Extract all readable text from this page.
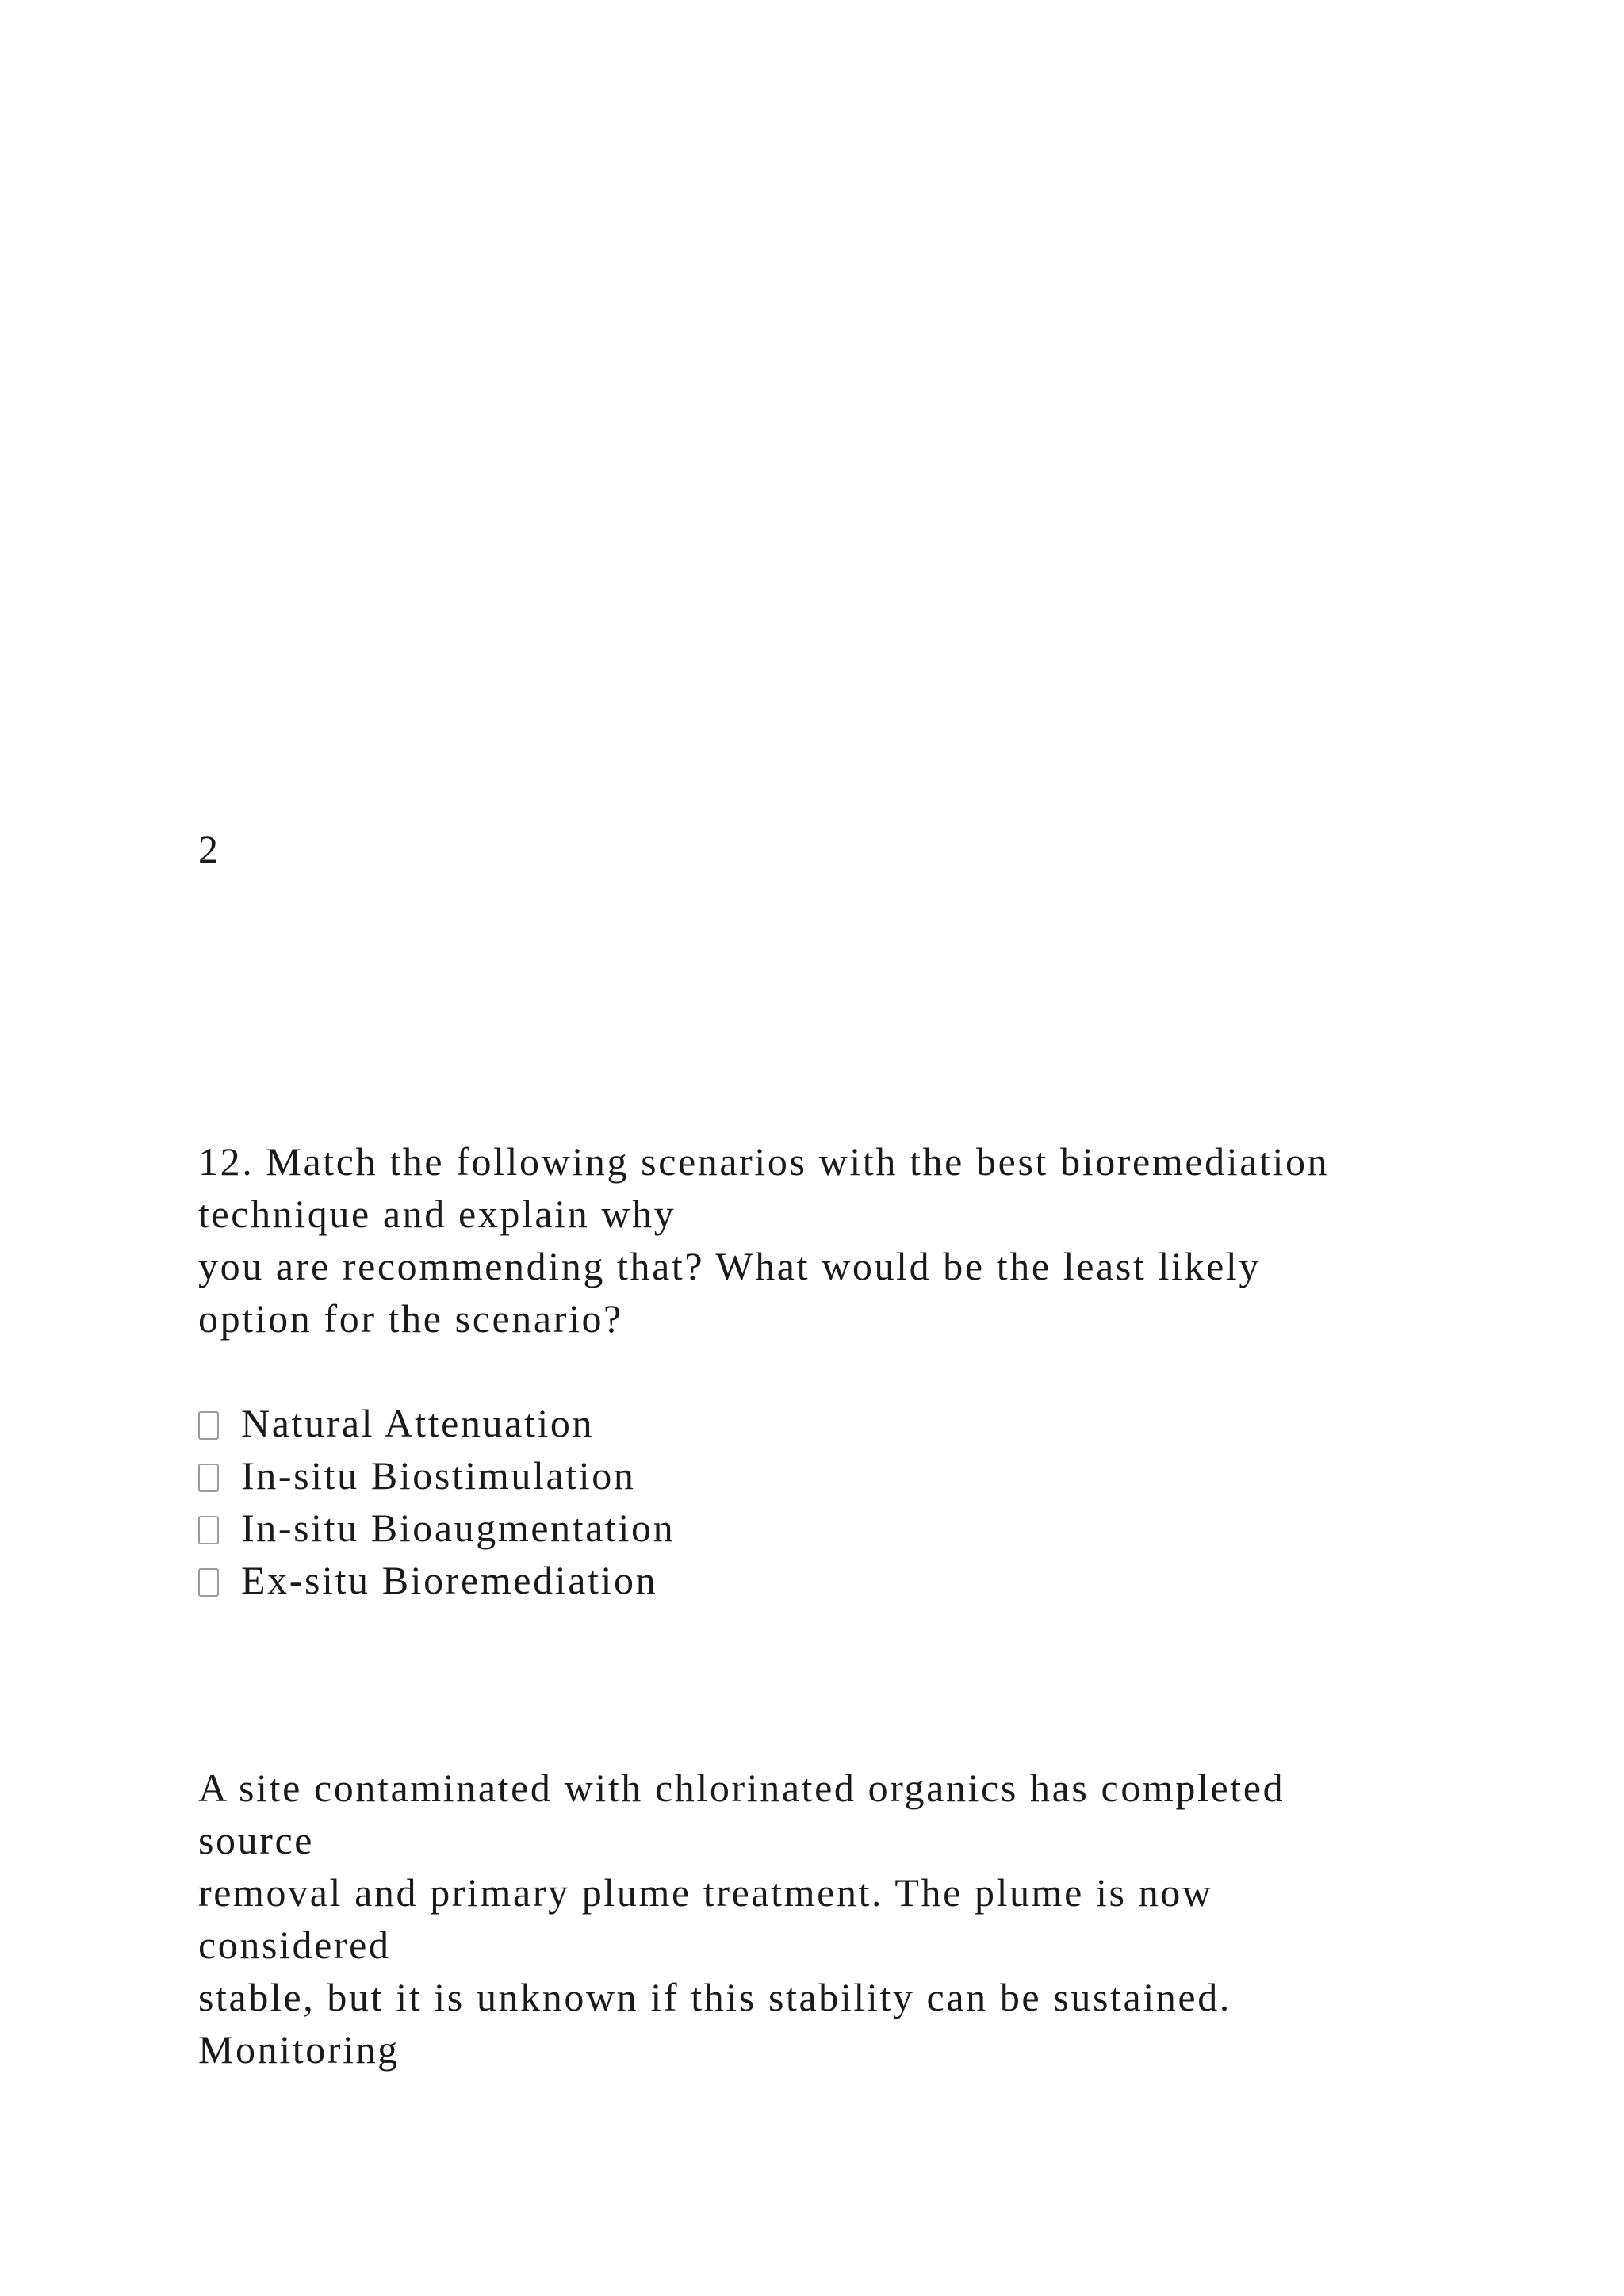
2

12. Match the following scenarios with the best bioremediation

technique and explain why

you are recommending that? What would be the least likely

option for the scenario?

Natural Attenuation

In-situ Biostimulation

In-situ Bioaugmentation

Ex-situ Bioremediation

A site contaminated with chlorinated organics has completed

source

removal and primary plume treatment. The plume is now

considered

stable, but it is unknown if this stability can be sustained.

Monitoring
